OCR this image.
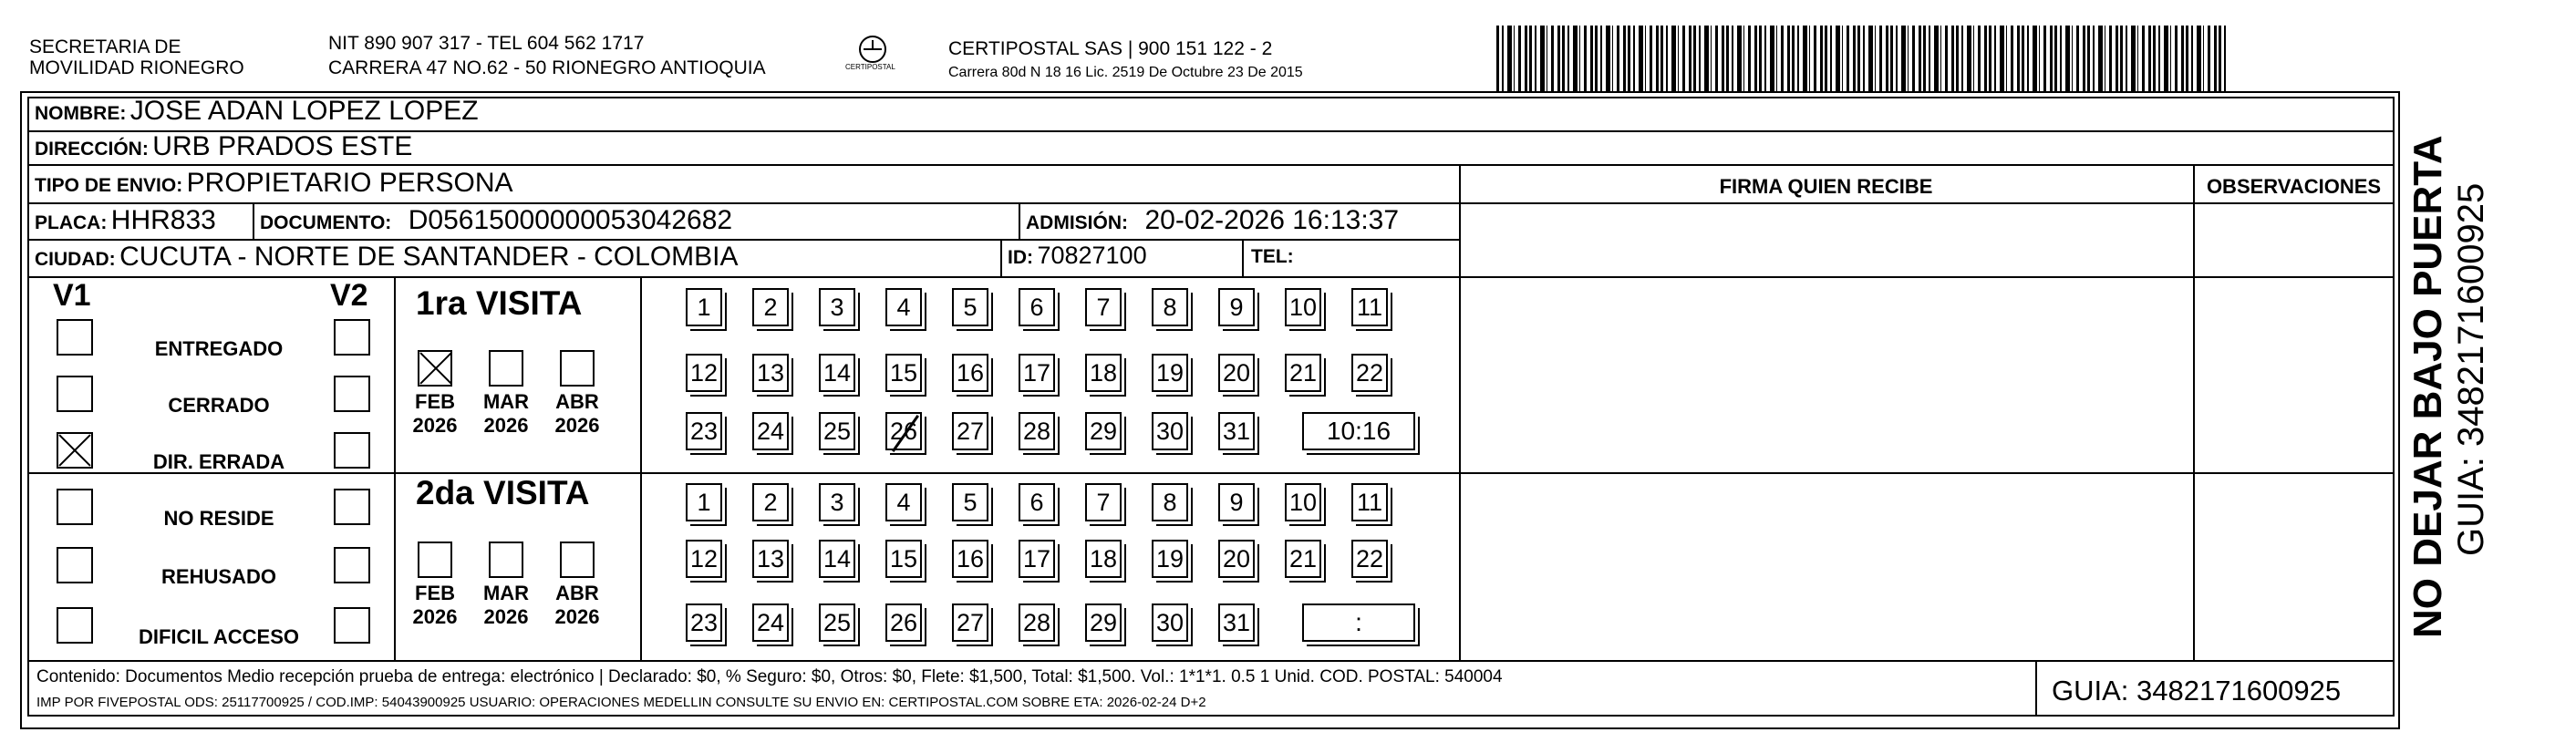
SECRETARIA DE
MOVILIDAD RIONEGRO
NIT 890 907 317 - TEL 604 562 1717
CARRERA 47 NO.62 - 50 RIONEGRO ANTIOQUIA	CERTIPOSTAL
CERTIPOSTAL SAS | 900 151 122 - 2
Carrera 80d N 18 16 Lic. 2519 De Octubre 23 De 2015
NOMBRE: JOSE ADAN LOPEZ LOPEZ
DIRECCIÓN: URB PRADOS ESTE
TIPO DE ENVIO: PROPIETARIO PERSONA
PLACA: HHR833 DOCUMENTO: D05615000000053042682	ADMISIÓN: 20-02-2026 16:13:37
CIUDAD: CUCUTA - NORTE DE SANTANDER - COLOMBIA	ID: 70827100	TEL:
FIRMA QUIEN RECIBE	OBSERVACIONES
V1	V2
ENTREGADO
CERRADO
DIR. ERRADA
NO RESIDE
REHUSADO
DIFICIL ACCESO
1ra VISITA
FEB
2026
MAR
2026
ABR
2026
1	2	3	4	5	6	7	8	9	10 11
12 13 14 15 16 17 18 19 20 21 22
23 24 25 26 27 28 29 30 31	10:16
2da VISITA
FEB
2026
MAR
2026
ABR
2026
1	2	3	4	5	6	7	8	9	10 11
12 13 14 15 16 17 18 19 20 21 22
23 24 25 26 27 28 29 30 31	:
Contenido: Documentos Medio recepción prueba de entrega: electrónico | Declarado: $0, % Seguro: $0, Otros: $0, Flete: $1,500, Total: $1,500. Vol.: 1*1*1. 0.5 1 Unid. COD. POSTAL: 540004
IMP POR FIVEPOSTAL ODS: 25117700925 / COD.IMP: 54043900925 USUARIO: OPERACIONES MEDELLIN CONSULTE SU ENVIO EN: CERTIPOSTAL.COM SOBRE ETA: 2026-02-24 D+2	GUIA: 3482171600925
NO DEJAR BAJO PUERTA GUIA: 3482171600925
